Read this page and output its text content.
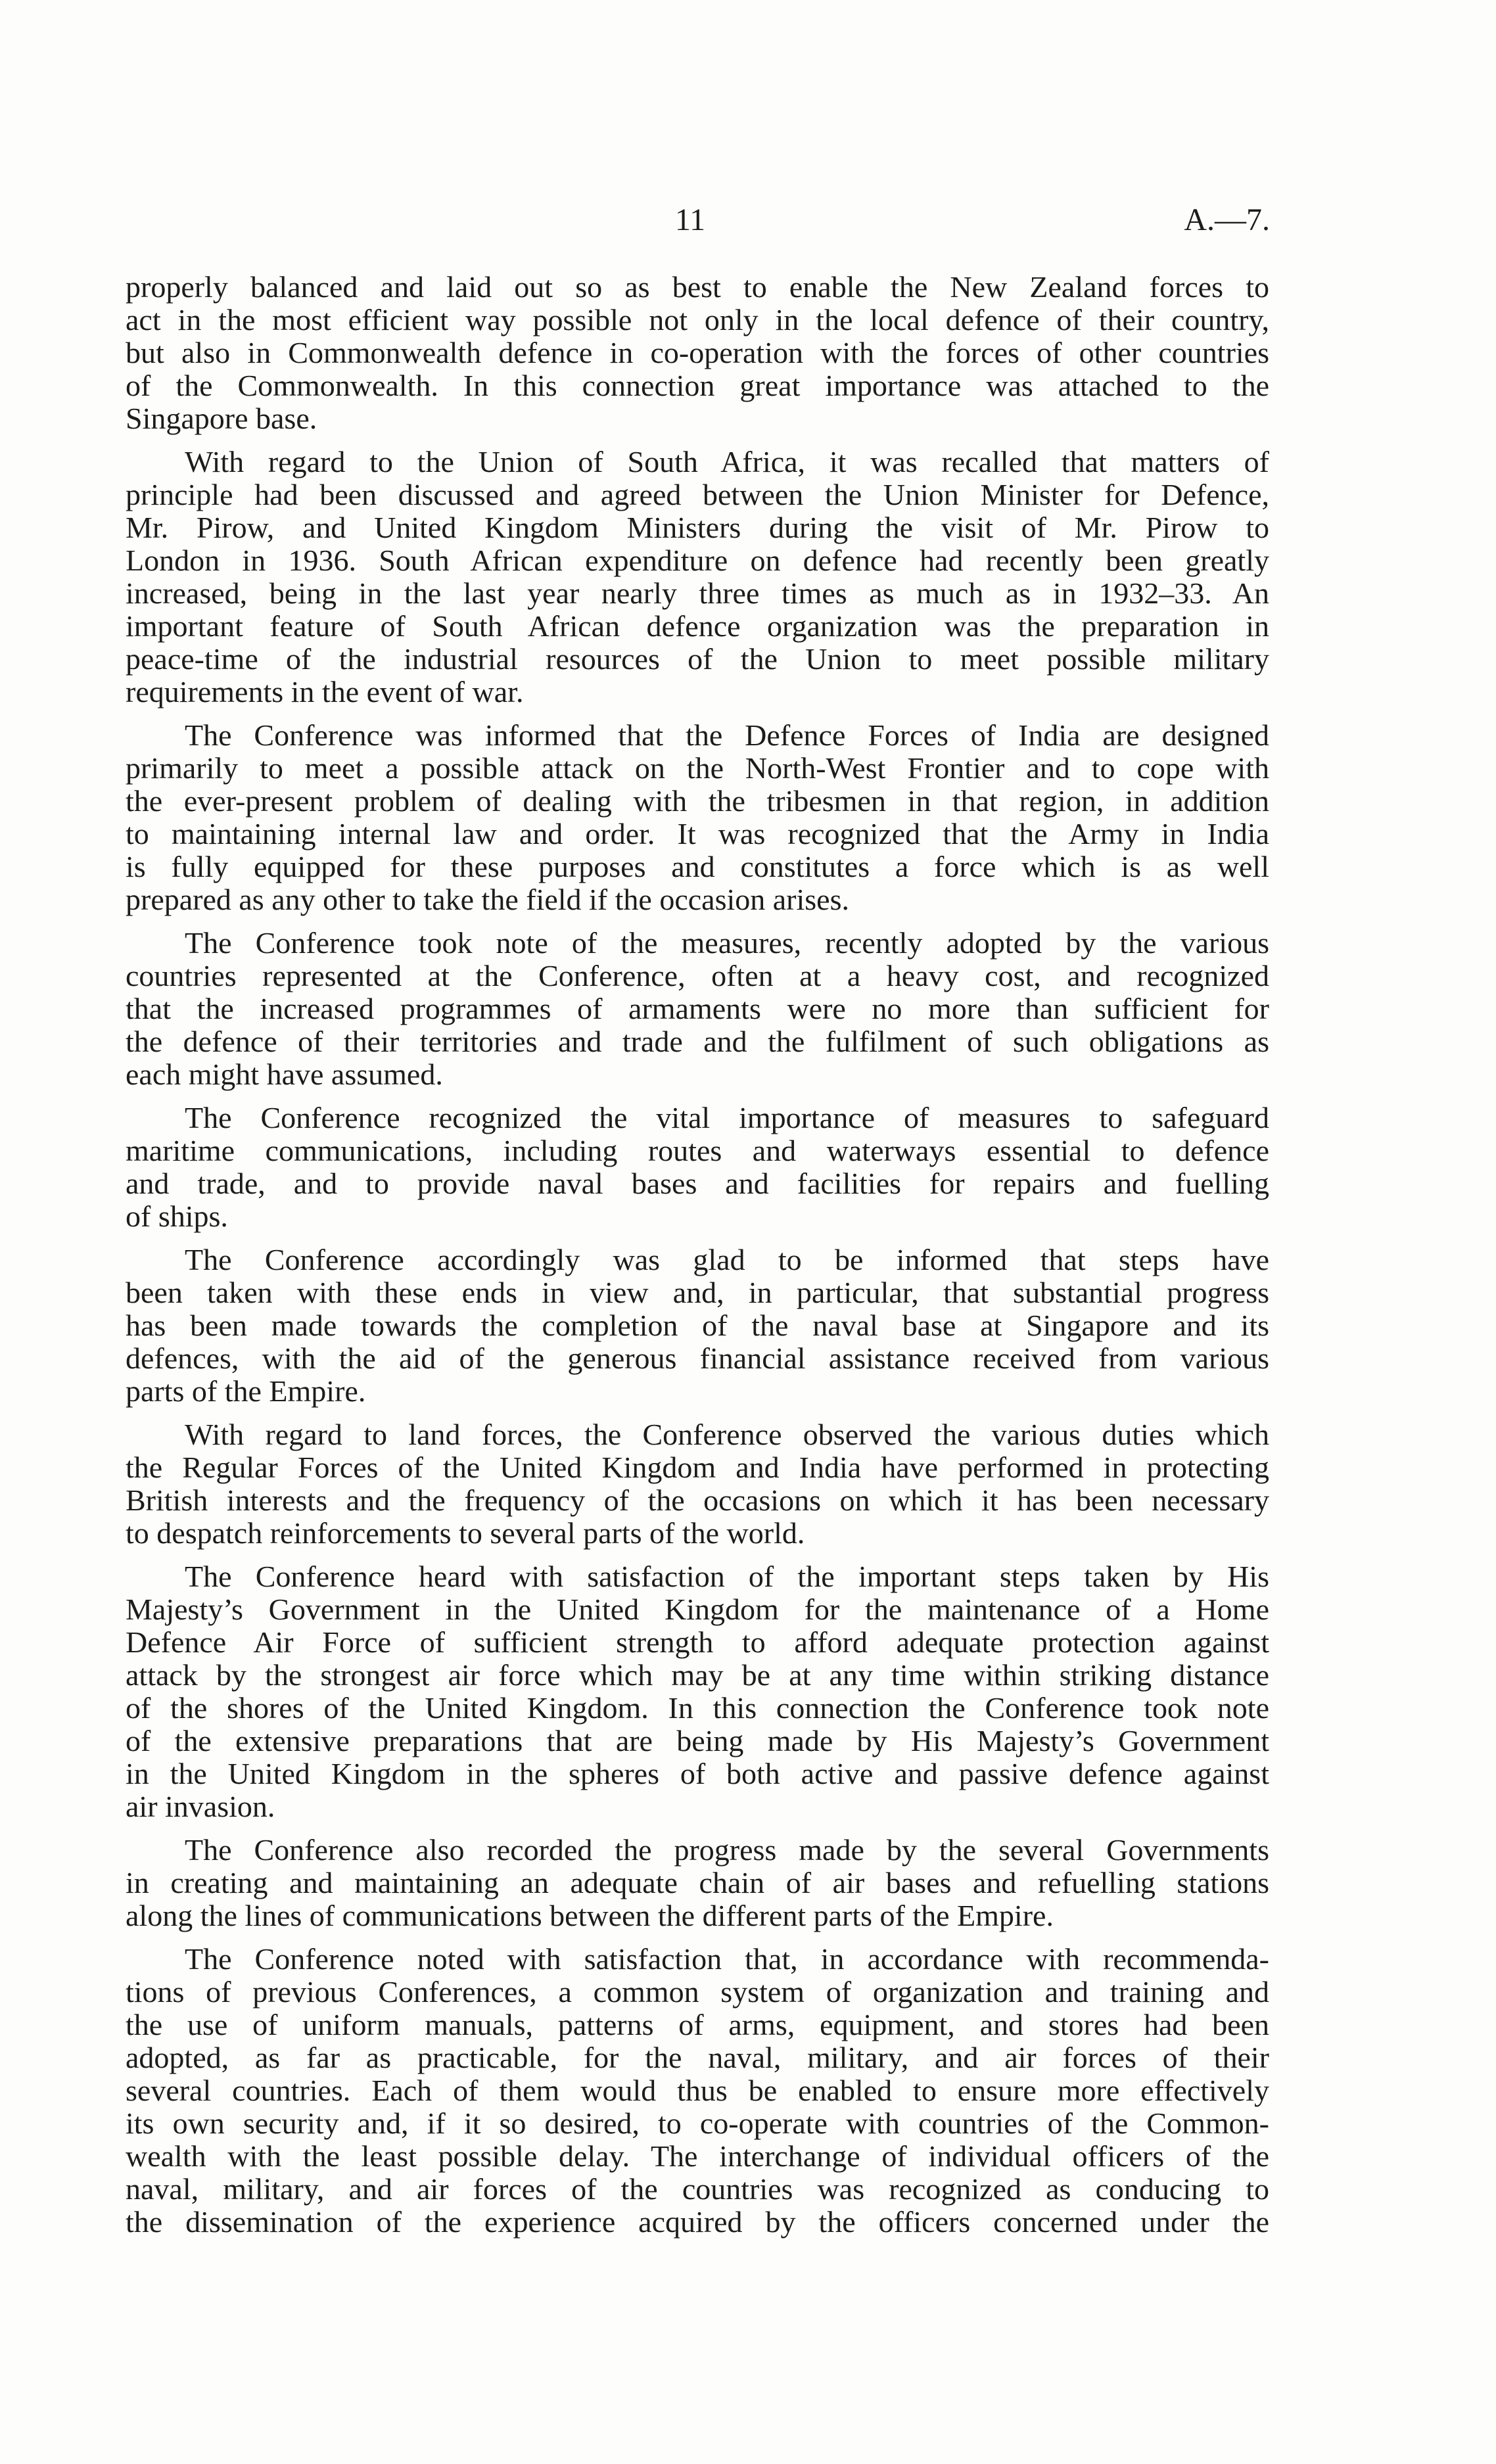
11	A.—7.
properly balanced and laid out so as best to enable the New Zealand forces to
act in the most efficient way possible not only in the local defence of their country,
but also in Commonwealth defence in co-operation with the forces of other countries
of the Commonwealth. In this connection great importance was attached to the
Singapore base.
With regard to the Union of South Africa, it was recalled that matters of
principle had been discussed and agreed between the Union Minister for Defence,
Mr. Pirow, and United Kingdom Ministers during the visit of Mr. Pirow to
London in 1936. South African expenditure on defence had recently been greatly
increased, being in the last year nearly three times as much as in 1932–33. An
important feature of South African defence organization was the preparation in
peace-time of the industrial resources of the Union to meet possible military
requirements in the event of war.
The Conference was informed that the Defence Forces of India are designed
primarily to meet a possible attack on the North-West Frontier and to cope with
the ever-present problem of dealing with the tribesmen in that region, in addition
to maintaining internal law and order. It was recognized that the Army in India
is fully equipped for these purposes and constitutes a force which is as well
prepared as any other to take the field if the occasion arises.
The Conference took note of the measures, recently adopted by the various
countries represented at the Conference, often at a heavy cost, and recognized
that the increased programmes of armaments were no more than sufficient for
the defence of their territories and trade and the fulfilment of such obligations as
each might have assumed.
The Conference recognized the vital importance of measures to safeguard
maritime communications, including routes and waterways essential to defence
and trade, and to provide naval bases and facilities for repairs and fuelling
of ships.
The Conference accordingly was glad to be informed that steps have
been taken with these ends in view and, in particular, that substantial progress
has been made towards the completion of the naval base at Singapore and its
defences, with the aid of the generous financial assistance received from various
parts of the Empire.
With regard to land forces, the Conference observed the various duties which
the Regular Forces of the United Kingdom and India have performed in protecting
British interests and the frequency of the occasions on which it has been necessary
to despatch reinforcements to several parts of the world.
The Conference heard with satisfaction of the important steps taken by His
Majesty’s Government in the United Kingdom for the maintenance of a Home
Defence Air Force of sufficient strength to afford adequate protection against
attack by the strongest air force which may be at any time within striking distance
of the shores of the United Kingdom. In this connection the Conference took note
of the extensive preparations that are being made by His Majesty’s Government
in the United Kingdom in the spheres of both active and passive defence against
air invasion.
The Conference also recorded the progress made by the several Governments
in creating and maintaining an adequate chain of air bases and refuelling stations
along the lines of communications between the different parts of the Empire.
The Conference noted with satisfaction that, in accordance with recommenda-
tions of previous Conferences, a common system of organization and training and
the use of uniform manuals, patterns of arms, equipment, and stores had been
adopted, as far as practicable, for the naval, military, and air forces of their
several countries. Each of them would thus be enabled to ensure more effectively
its own security and, if it so desired, to co-operate with countries of the Common-
wealth with the least possible delay. The interchange of individual officers of the
naval, military, and air forces of the countries was recognized as conducing to
the dissemination of the experience acquired by the officers concerned under the
